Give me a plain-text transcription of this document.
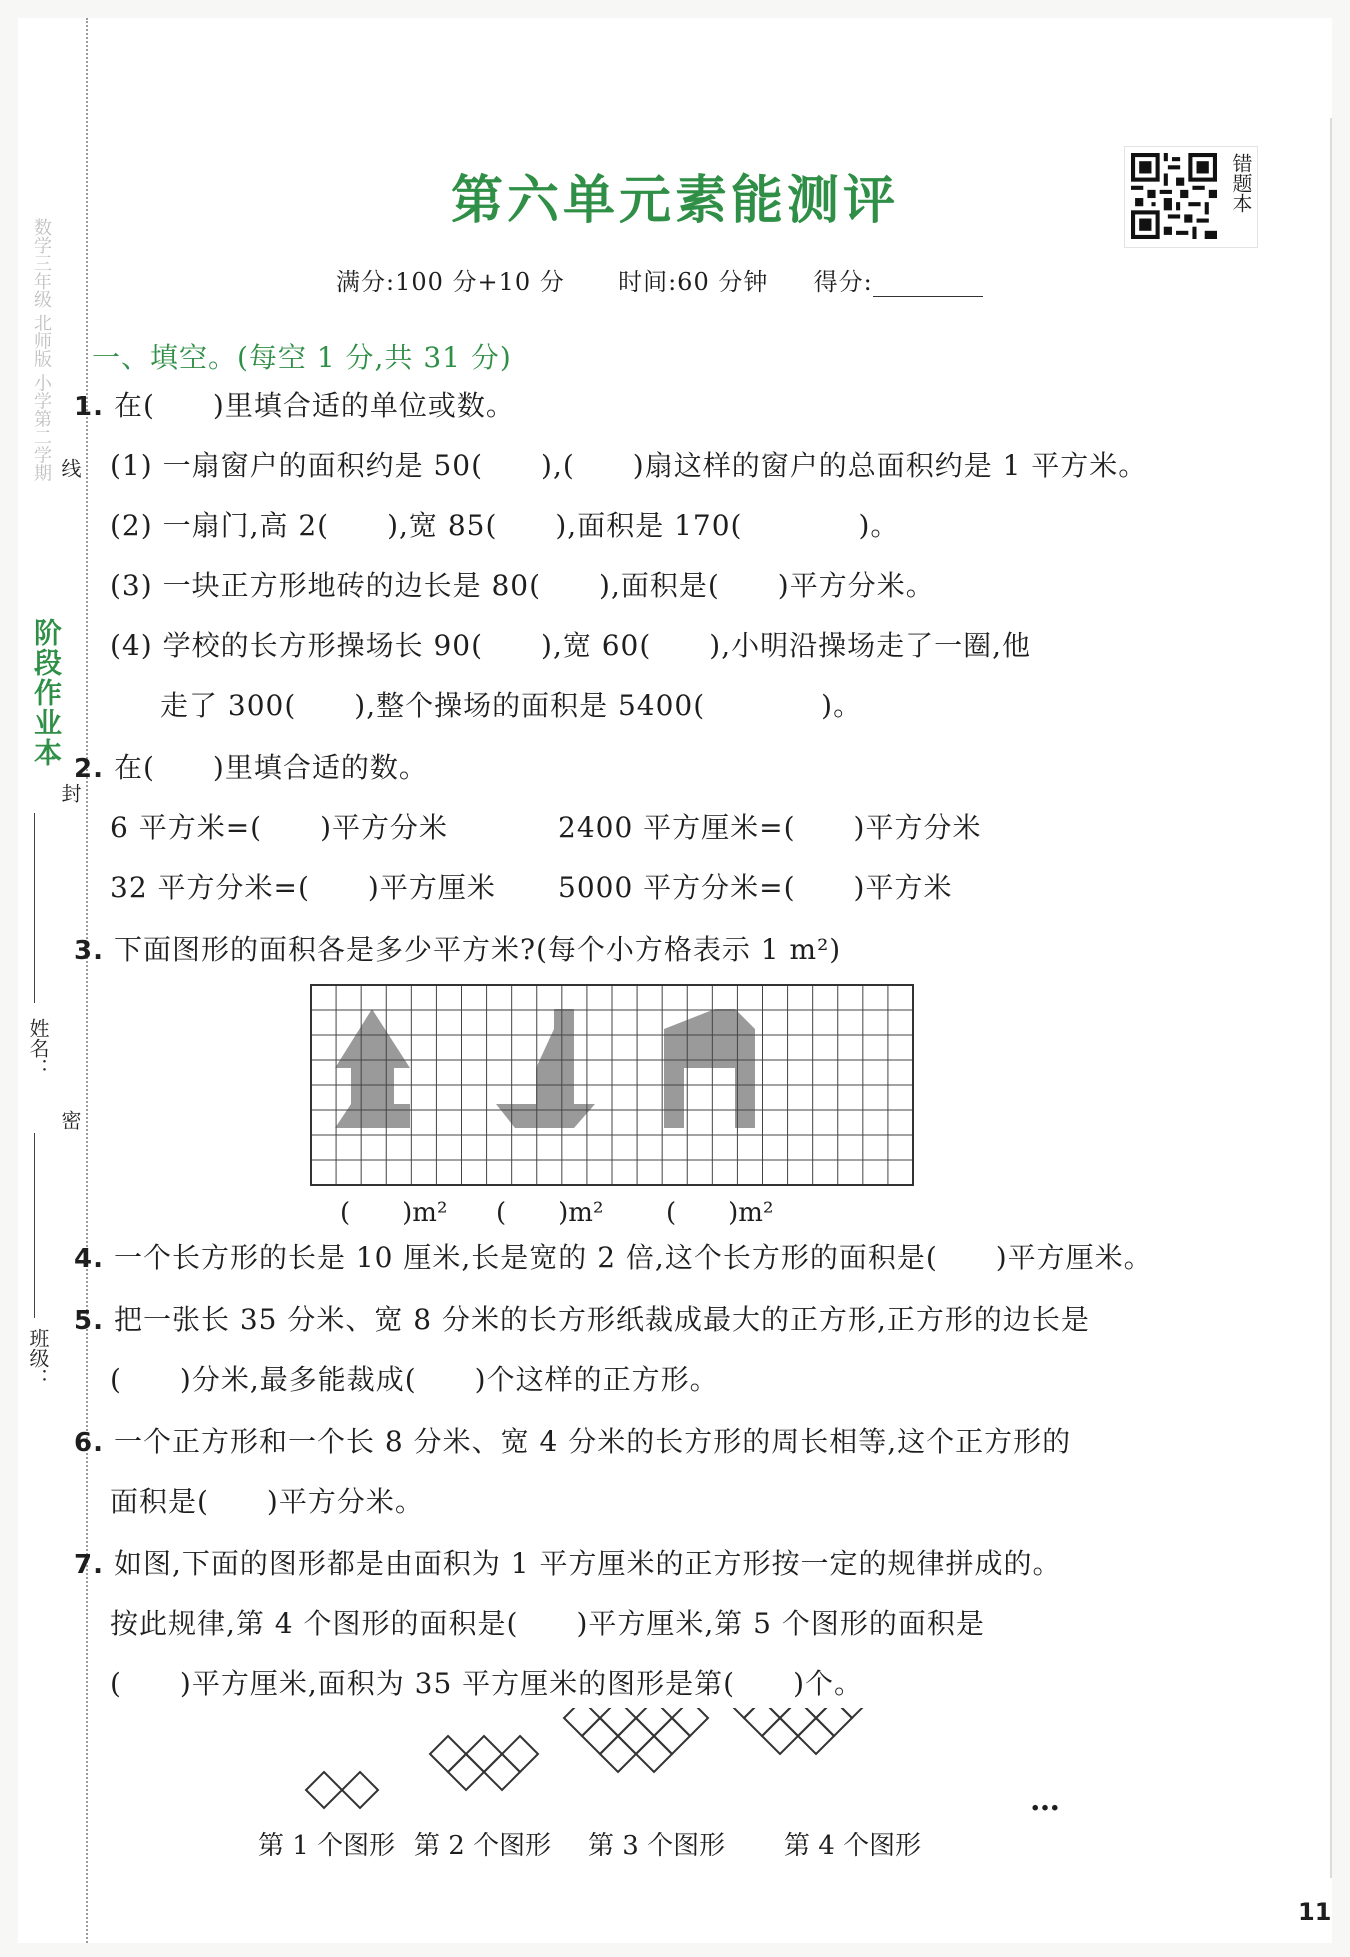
数学三年级 北师版 小学第二学期
阶段作业本
线
封
密
姓名：
班级：
第六单元素能测评	错题本
满分:100 分+10 分 时间:60 分钟 得分:
一、填空。(每空 1 分,共 31 分)
1. 在(　　)里填合适的单位或数。
(1) 一扇窗户的面积约是 50(　　),(　　)扇这样的窗户的总面积约是 1 平方米。
(2) 一扇门,高 2(　　),宽 85(　　),面积是 170(　　　　)。
(3) 一块正方形地砖的边长是 80(　　),面积是(　　)平方分米。
(4) 学校的长方形操场长 90(　　),宽 60(　　),小明沿操场走了一圈,他
走了 300(　　),整个操场的面积是 5400(　　　　)。
2. 在(　　)里填合适的数。
6 平方米=(　　)平方分米	2400 平方厘米=(　　)平方分米
32 平方分米=(　　)平方厘米 5000 平方分米=(　　)平方米
3. 下面图形的面积各是多少平方米?(每个小方格表示 1 m²)
(　　)m² (　　)m² (　　)m²
4. 一个长方形的长是 10 厘米,长是宽的 2 倍,这个长方形的面积是(　　)平方厘米。
5. 把一张长 35 分米、宽 8 分米的长方形纸裁成最大的正方形,正方形的边长是
(　　)分米,最多能裁成(　　)个这样的正方形。
6. 一个正方形和一个长 8 分米、宽 4 分米的长方形的周长相等,这个正方形的
面积是(　　)平方分米。
7. 如图,下面的图形都是由面积为 1 平方厘米的正方形按一定的规律拼成的。
按此规律,第 4 个图形的面积是(　　)平方厘米,第 5 个图形的面积是
(　　)平方厘米,面积为 35 平方厘米的图形是第(　　)个。
第 1 个图形 第 2 个图形 第 3 个图形 第 4 个图形
…
11
